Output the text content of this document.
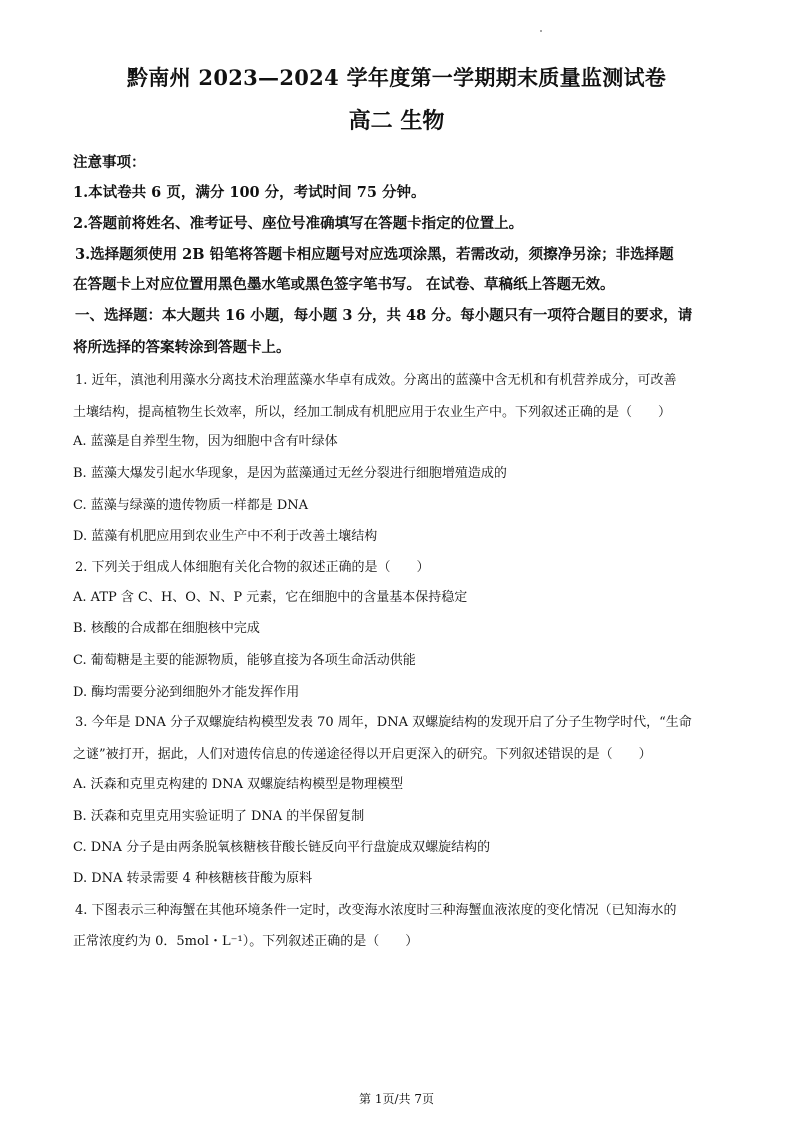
黔南州 2023—2024 学年度第一学期期末质量监测试卷
高二 生物
注意事项：
1.本试卷共 6 页，满分 100 分，考试时间 75 分钟。
2.答题前将姓名、准考证号、座位号准确填写在答题卡指定的位置上。
3.选择题须使用 2B 铅笔将答题卡相应题号对应选项涂黑，若需改动，须擦净另涂；非选择题
在答题卡上对应位置用黑色墨水笔或黑色签字笔书写。 在试卷、草稿纸上答题无效。
一、选择题：本大题共 16 小题，每小题 3 分，共 48 分。每小题只有一项符合题目的要求，请
将所选择的答案转涂到答题卡上。
1. 近年，滇池利用藻水分离技术治理蓝藻水华卓有成效。分离出的蓝藻中含无机和有机营养成分，可改善
土壤结构，提高植物生长效率，所以，经加工制成有机肥应用于农业生产中。下列叙述正确的是（　　）
A. 蓝藻是自养型生物，因为细胞中含有叶绿体
B. 蓝藻大爆发引起水华现象，是因为蓝藻通过无丝分裂进行细胞增殖造成的
C. 蓝藻与绿藻的遗传物质一样都是 DNA
D. 蓝藻有机肥应用到农业生产中不利于改善土壤结构
2. 下列关于组成人体细胞有关化合物的叙述正确的是（　　）
A. ATP 含 C、H、O、N、P 元素，它在细胞中的含量基本保持稳定
B. 核酸的合成都在细胞核中完成
C. 葡萄糖是主要的能源物质，能够直接为各项生命活动供能
D. 酶均需要分泌到细胞外才能发挥作用
3. 今年是 DNA 分子双螺旋结构模型发表 70 周年，DNA 双螺旋结构的发现开启了分子生物学时代，“生命
之谜”被打开，据此，人们对遗传信息的传递途径得以开启更深入的研究。下列叙述错误的是（　　）
A. 沃森和克里克构建的 DNA 双螺旋结构模型是物理模型
B. 沃森和克里克用实验证明了 DNA 的半保留复制
C. DNA 分子是由两条脱氧核糖核苷酸长链反向平行盘旋成双螺旋结构的
D. DNA 转录需要 4 种核糖核苷酸为原料
4. 下图表示三种海蟹在其他环境条件一定时，改变海水浓度时三种海蟹血液浓度的变化情况（已知海水的
正常浓度约为 0．5mol・L⁻¹）。下列叙述正确的是（　　）
第 1页/共 7页
